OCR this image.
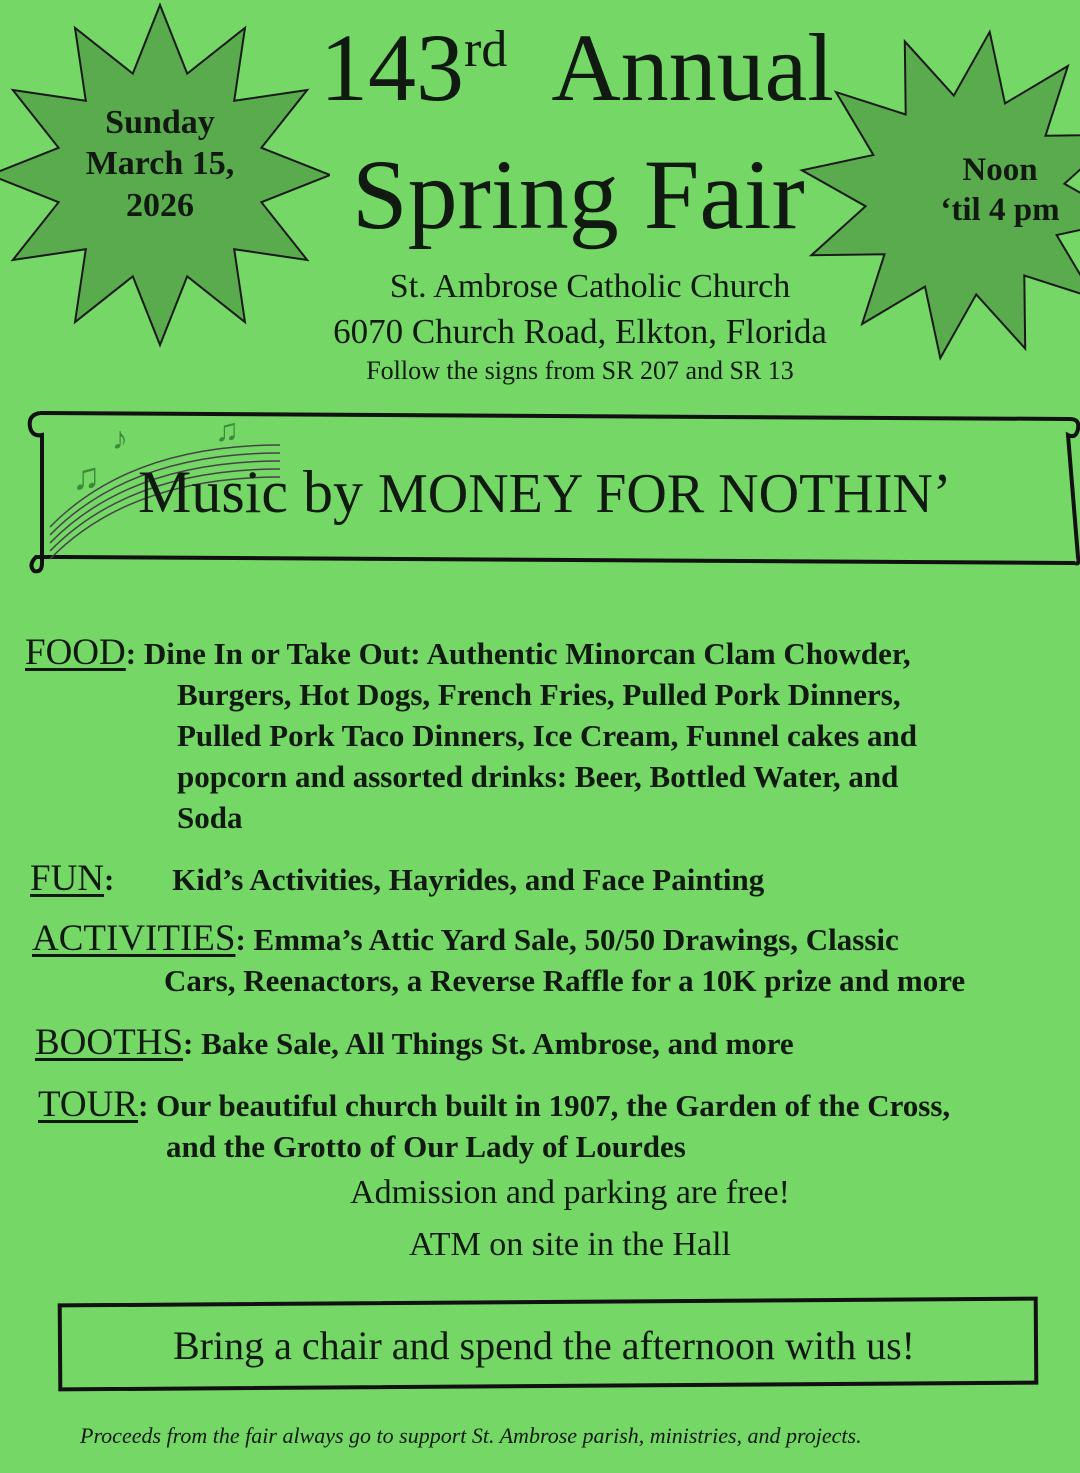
Sunday
March 15,
2026
Noon
‘til 4 pm
143rd Annual
Spring Fair
St. Ambrose Catholic Church
6070 Church Road, Elkton, Florida
Follow the signs from SR 207 and SR 13
♫
♪	♫
Music by MONEY FOR NOTHIN’
FOOD: Dine In or Take Out: Authentic Minorcan Clam Chowder,
Burgers, Hot Dogs, French Fries, Pulled Pork Dinners,
Pulled Pork Taco Dinners, Ice Cream, Funnel cakes and
popcorn and assorted drinks: Beer, Bottled Water, and
Soda
FUN: Kid’s Activities, Hayrides, and Face Painting
ACTIVITIES: Emma’s Attic Yard Sale, 50/50 Drawings, Classic
Cars, Reenactors, a Reverse Raffle for a 10K prize and more
BOOTHS: Bake Sale, All Things St. Ambrose, and more
TOUR: Our beautiful church built in 1907, the Garden of the Cross,
and the Grotto of Our Lady of Lourdes
Admission and parking are free!
ATM on site in the Hall
Bring a chair and spend the afternoon with us!
Proceeds from the fair always go to support St. Ambrose parish, ministries, and projects.
